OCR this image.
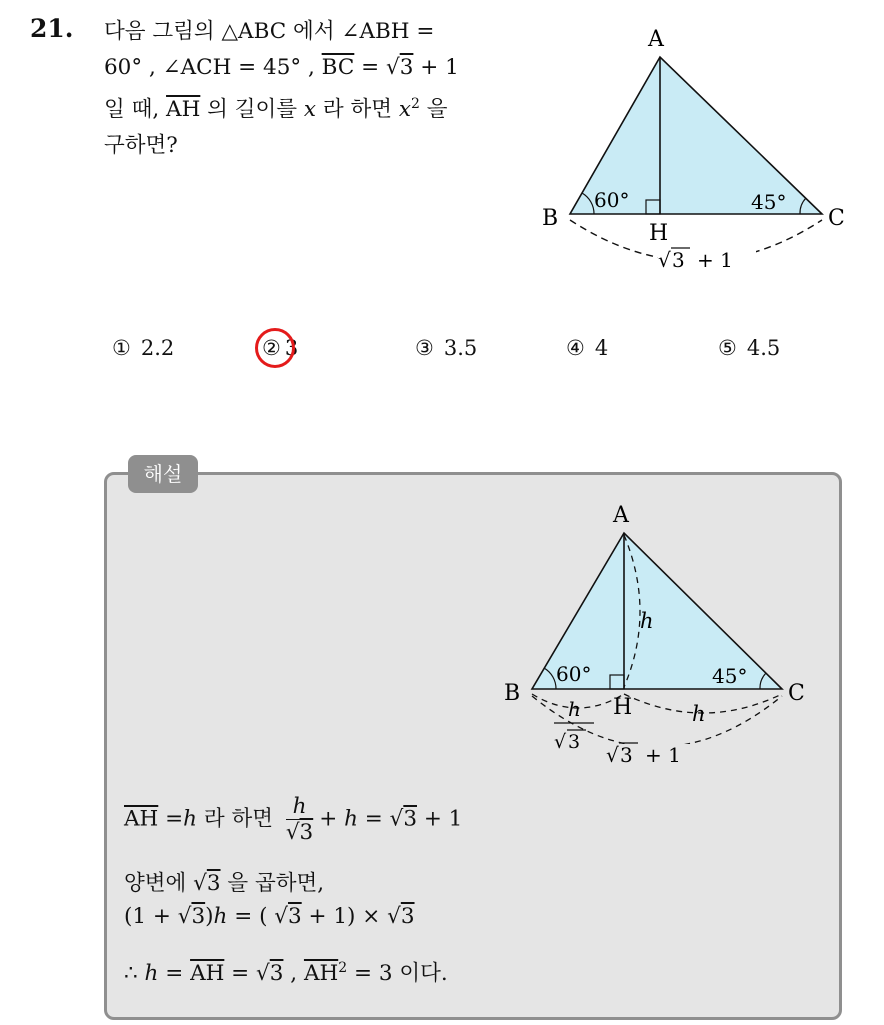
21. 다음 그림의 △ABC 에서 ∠ABH =
60° , ∠ACH = 45° , $\overline{BC} = √3 + 1$
일 때, $\overline{AH}$ 의 길이를 x 라 하면 $x^2$ 을
구하면?
A
B	C
H
60°	45°
√ 3 + 1
① 2.2	② 3	③ 3.5	④ 4	⑤ 4.5
해설
A
B	C
H
60°	45°
h
h
√ 3
h
√ 3 + 1
$\overline{AH} =h$ 라 하면 $\frac{h}{√3} + h = √3 + 1$
양변에 √3 을 곱하면,
(1 + √3)h = ( √3 + 1) × √3
∴ $h = \overline{AH} = √3$ , $\overline{AH}^2 = 3$ 이다.
